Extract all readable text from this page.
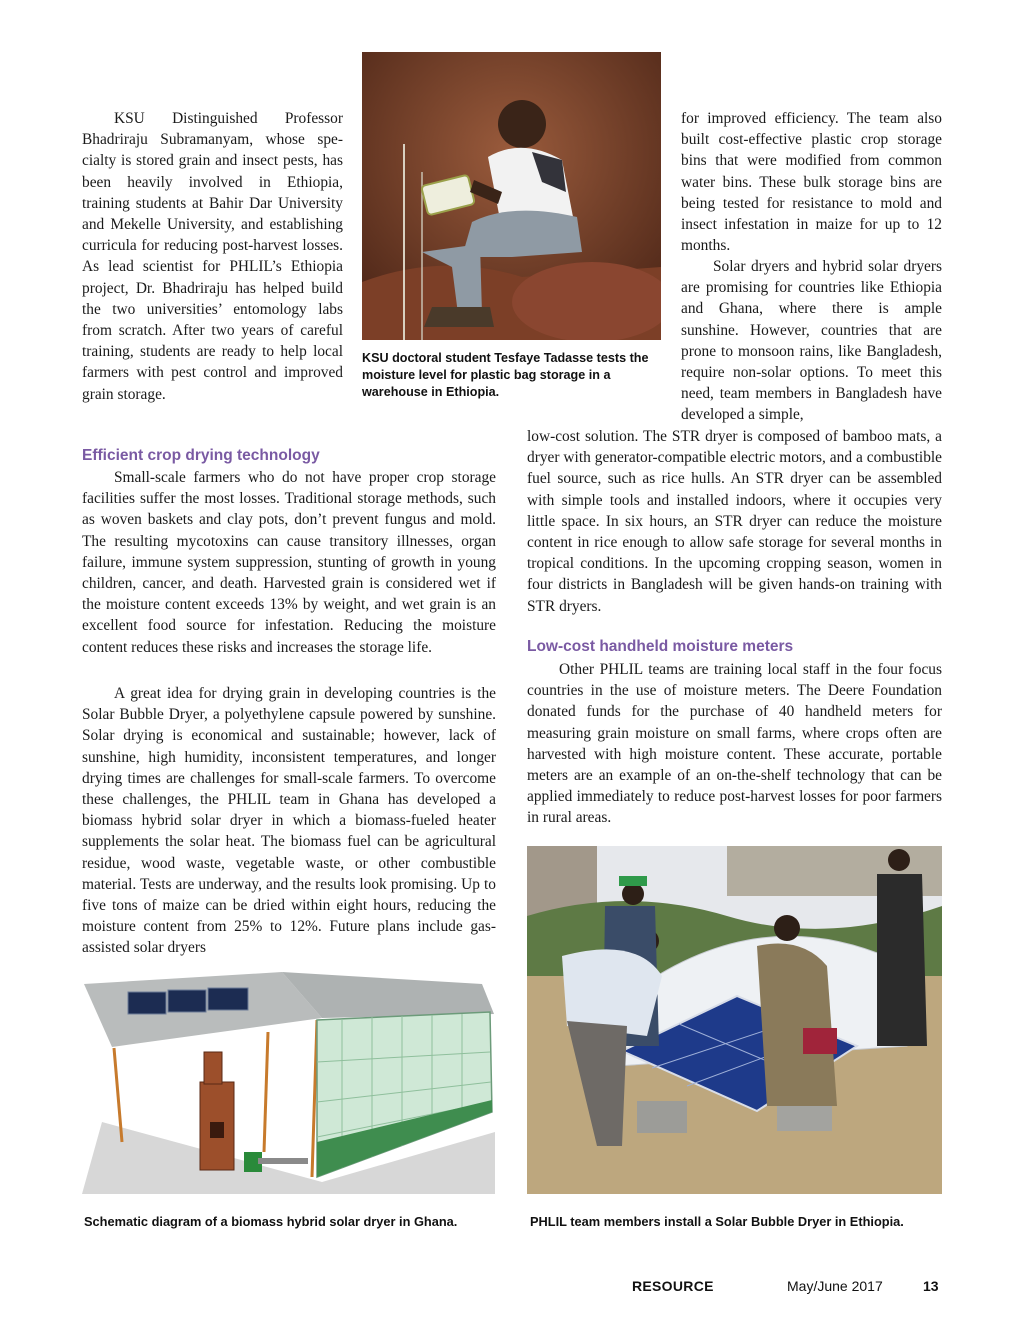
KSU Distinguished Professor Bhadriraju Subramanyam, whose specialty is stored grain and insect pests, has been heavily involved in Ethiopia, training students at Bahir Dar University and Mekelle University, and establishing curricula for reducing post-harvest losses. As lead scientist for PHLIL’s Ethiopia project, Dr. Bhadriraju has helped build the two universities’ entomology labs from scratch. After two years of careful training, students are ready to help local farmers with pest control and improved grain storage.

Efficient crop drying technology

Small-scale farmers who do not have proper crop storage facilities suffer the most losses. Traditional storage methods, such as woven baskets and clay pots, don’t prevent fungus and mold. The resulting mycotoxins can cause transitory illnesses, organ failure, immune system suppression, stunting of growth in young children, cancer, and death. Harvested grain is considered wet if the moisture content exceeds 13% by weight, and wet grain is an excellent food source for infestation. Reducing the moisture content reduces these risks and increases the storage life.

A great idea for drying grain in developing countries is the Solar Bubble Dryer, a polyethylene capsule powered by sunshine. Solar drying is economical and sustainable; however, lack of sunshine, high humidity, inconsistent temperatures, and longer drying times are challenges for small-scale farmers. To overcome these challenges, the PHLIL team in Ghana has developed a biomass hybrid solar dryer in which a biomass-fueled heater supplements the solar heat. The biomass fuel can be agricultural residue, wood waste, vegetable waste, or other combustible material. Tests are underway, and the results look promising. Up to five tons of maize can be dried within eight hours, reducing the moisture content from 25% to 12%. Future plans include gas-assisted solar dryers

for improved efficiency. The team also built cost-effective plastic crop storage bins that were modified from common water bins. These bulk storage bins are being tested for resistance to mold and insect infestation in maize for up to 12 months.

Solar dryers and hybrid solar dryers are promising for countries like Ethiopia and Ghana, where there is ample sunshine. However, countries that are prone to monsoon rains, like Bangladesh, require non-solar options. To meet this need, team members in Bangladesh have developed a simple,

low-cost solution. The STR dryer is composed of bamboo mats, a dryer with generator-compatible electric motors, and a combustible fuel source, such as rice hulls. An STR dryer can be assembled with simple tools and installed indoors, where it occupies very little space. In six hours, an STR dryer can reduce the moisture content in rice enough to allow safe storage for several months in tropical conditions. In the upcoming cropping season, women in four districts in Bangladesh will be given hands-on training with STR dryers.

Low-cost handheld moisture meters

Other PHLIL teams are training local staff in the four focus countries in the use of moisture meters. The Deere Foundation donated funds for the purchase of 40 handheld meters for measuring grain moisture on small farms, where crops often are harvested with high moisture content. These accurate, portable meters are an example of an on-the-shelf technology that can be applied immediately to reduce post-harvest losses for poor farmers in rural areas.

KSU doctoral student Tesfaye Tadasse tests the moisture level for plastic bag storage in a warehouse in Ethiopia.

Schematic diagram of a biomass hybrid solar dryer in Ghana.	PHLIL team members install a Solar Bubble Dryer in Ethiopia.

RESOURCE	May/June 2017	13
